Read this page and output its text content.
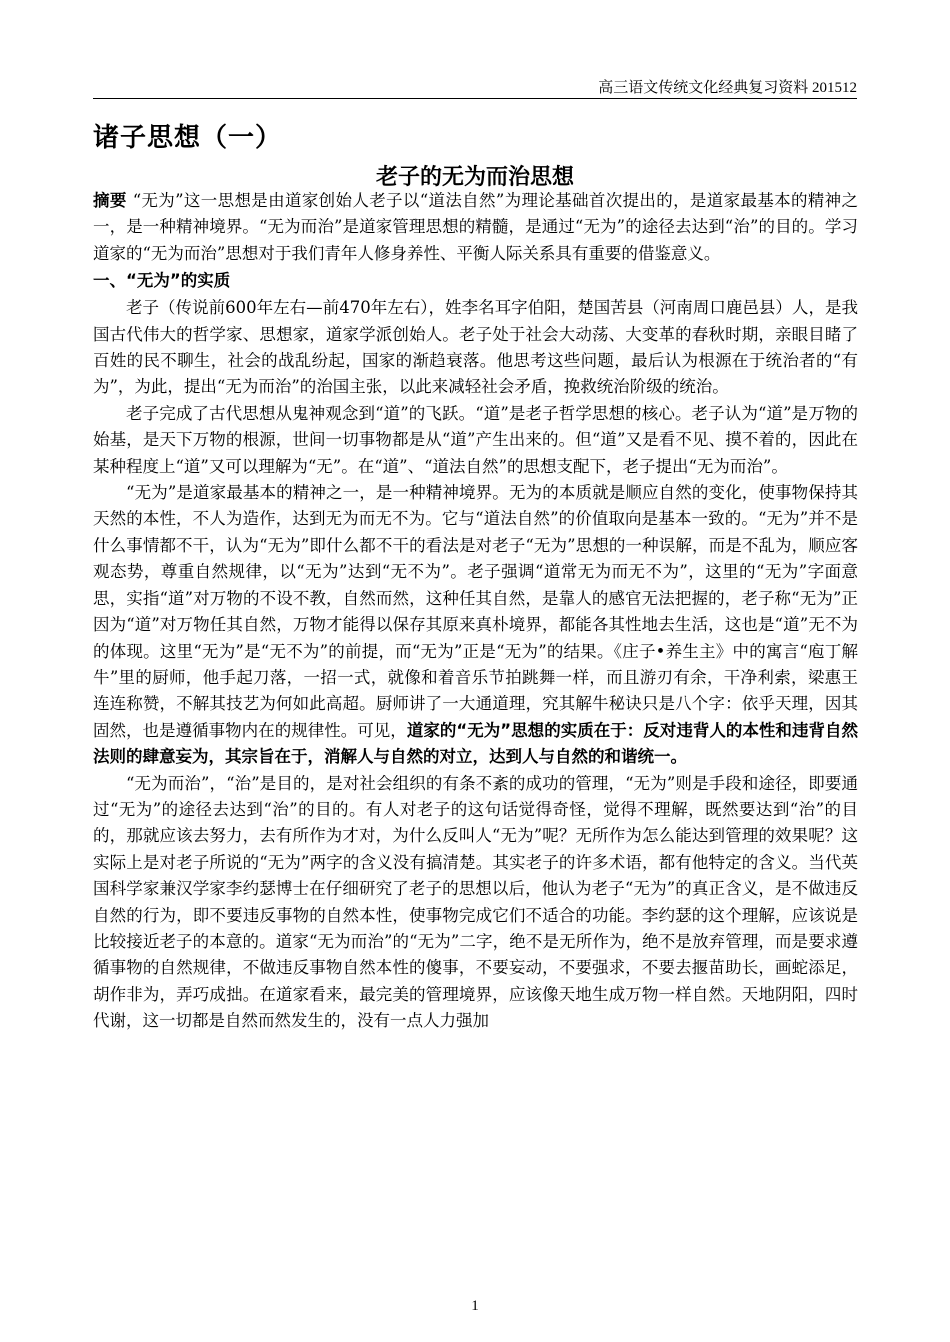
高三语文传统文化经典复习资料 201512
诸子思想（一）
老子的无为而治思想

摘要 “无为”这一思想是由道家创始人老子以“道法自然”为理论基础首次提出的，是道家最基本的精神之一，是一种精神境界。“无为而治”是道家管理思想的精髓，是通过“无为”的途径去达到“治”的目的。学习道家的“无为而治”思想对于我们青年人修身养性、平衡人际关系具有重要的借鉴意义。

一、“无为”的实质

老子（传说前600年左右—前470年左右），姓李名耳字伯阳，楚国苦县（河南周口鹿邑县）人，是我国古代伟大的哲学家、思想家，道家学派创始人。老子处于社会大动荡、大变革的春秋时期，亲眼目睹了百姓的民不聊生，社会的战乱纷起，国家的渐趋衰落。他思考这些问题，最后认为根源在于统治者的“有为”，为此，提出“无为而治”的治国主张，以此来减轻社会矛盾，挽救统治阶级的统治。

老子完成了古代思想从鬼神观念到“道”的飞跃。“道”是老子哲学思想的核心。老子认为“道”是万物的始基，是天下万物的根源，世间一切事物都是从“道”产生出来的。但“道”又是看不见、摸不着的，因此在某种程度上“道”又可以理解为“无”。在“道”、“道法自然”的思想支配下，老子提出“无为而治”。

“无为”是道家最基本的精神之一，是一种精神境界。无为的本质就是顺应自然的变化，使事物保持其天然的本性，不人为造作，达到无为而无不为。它与“道法自然”的价值取向是基本一致的。“无为”并不是什么事情都不干，认为“无为”即什么都不干的看法是对老子“无为”思想的一种误解，而是不乱为，顺应客观态势，尊重自然规律，以“无为”达到“无不为”。老子强调“道常无为而无不为”，这里的“无为”字面意思，实指“道”对万物的不设不教，自然而然，这种任其自然，是靠人的感官无法把握的，老子称“无为”正因为“道”对万物任其自然，万物才能得以保存其原来真朴境界，都能各其性地去生活，这也是“道”无不为的体现。这里“无为”是“无不为”的前提，而“无为”正是“无为”的结果。《庄子•养生主》中的寓言“庖丁解牛”里的厨师，他手起刀落，一招一式，就像和着音乐节拍跳舞一样，而且游刃有余，干净利索，梁惠王连连称赞，不解其技艺为何如此高超。厨师讲了一大通道理，究其解牛秘诀只是八个字：依乎天理，因其固然，也是遵循事物内在的规律性。可见，道家的“无为”思想的实质在于：反对违背人的本性和违背自然法则的肆意妄为，其宗旨在于，消解人与自然的对立，达到人与自然的和谐统一。

“无为而治”，“治”是目的，是对社会组织的有条不紊的成功的管理，“无为”则是手段和途径，即要通过“无为”的途径去达到“治”的目的。有人对老子的这句话觉得奇怪，觉得不理解，既然要达到“治”的目的，那就应该去努力，去有所作为才对，为什么反叫人“无为”呢？无所作为怎么能达到管理的效果呢？这实际上是对老子所说的“无为”两字的含义没有搞清楚。其实老子的许多术语，都有他特定的含义。当代英国科学家兼汉学家李约瑟博士在仔细研究了老子的思想以后，他认为老子“无为”的真正含义，是不做违反自然的行为，即不要违反事物的自然本性，使事物完成它们不适合的功能。李约瑟的这个理解，应该说是比较接近老子的本意的。道家“无为而治”的“无为”二字，绝不是无所作为，绝不是放弃管理，而是要求遵循事物的自然规律，不做违反事物自然本性的傻事，不要妄动，不要强求，不要去揠苗助长，画蛇添足，胡作非为，弄巧成拙。在道家看来，最完美的管理境界，应该像天地生成万物一样自然。天地阴阳，四时代谢，这一切都是自然而然发生的，没有一点人力强加

1
